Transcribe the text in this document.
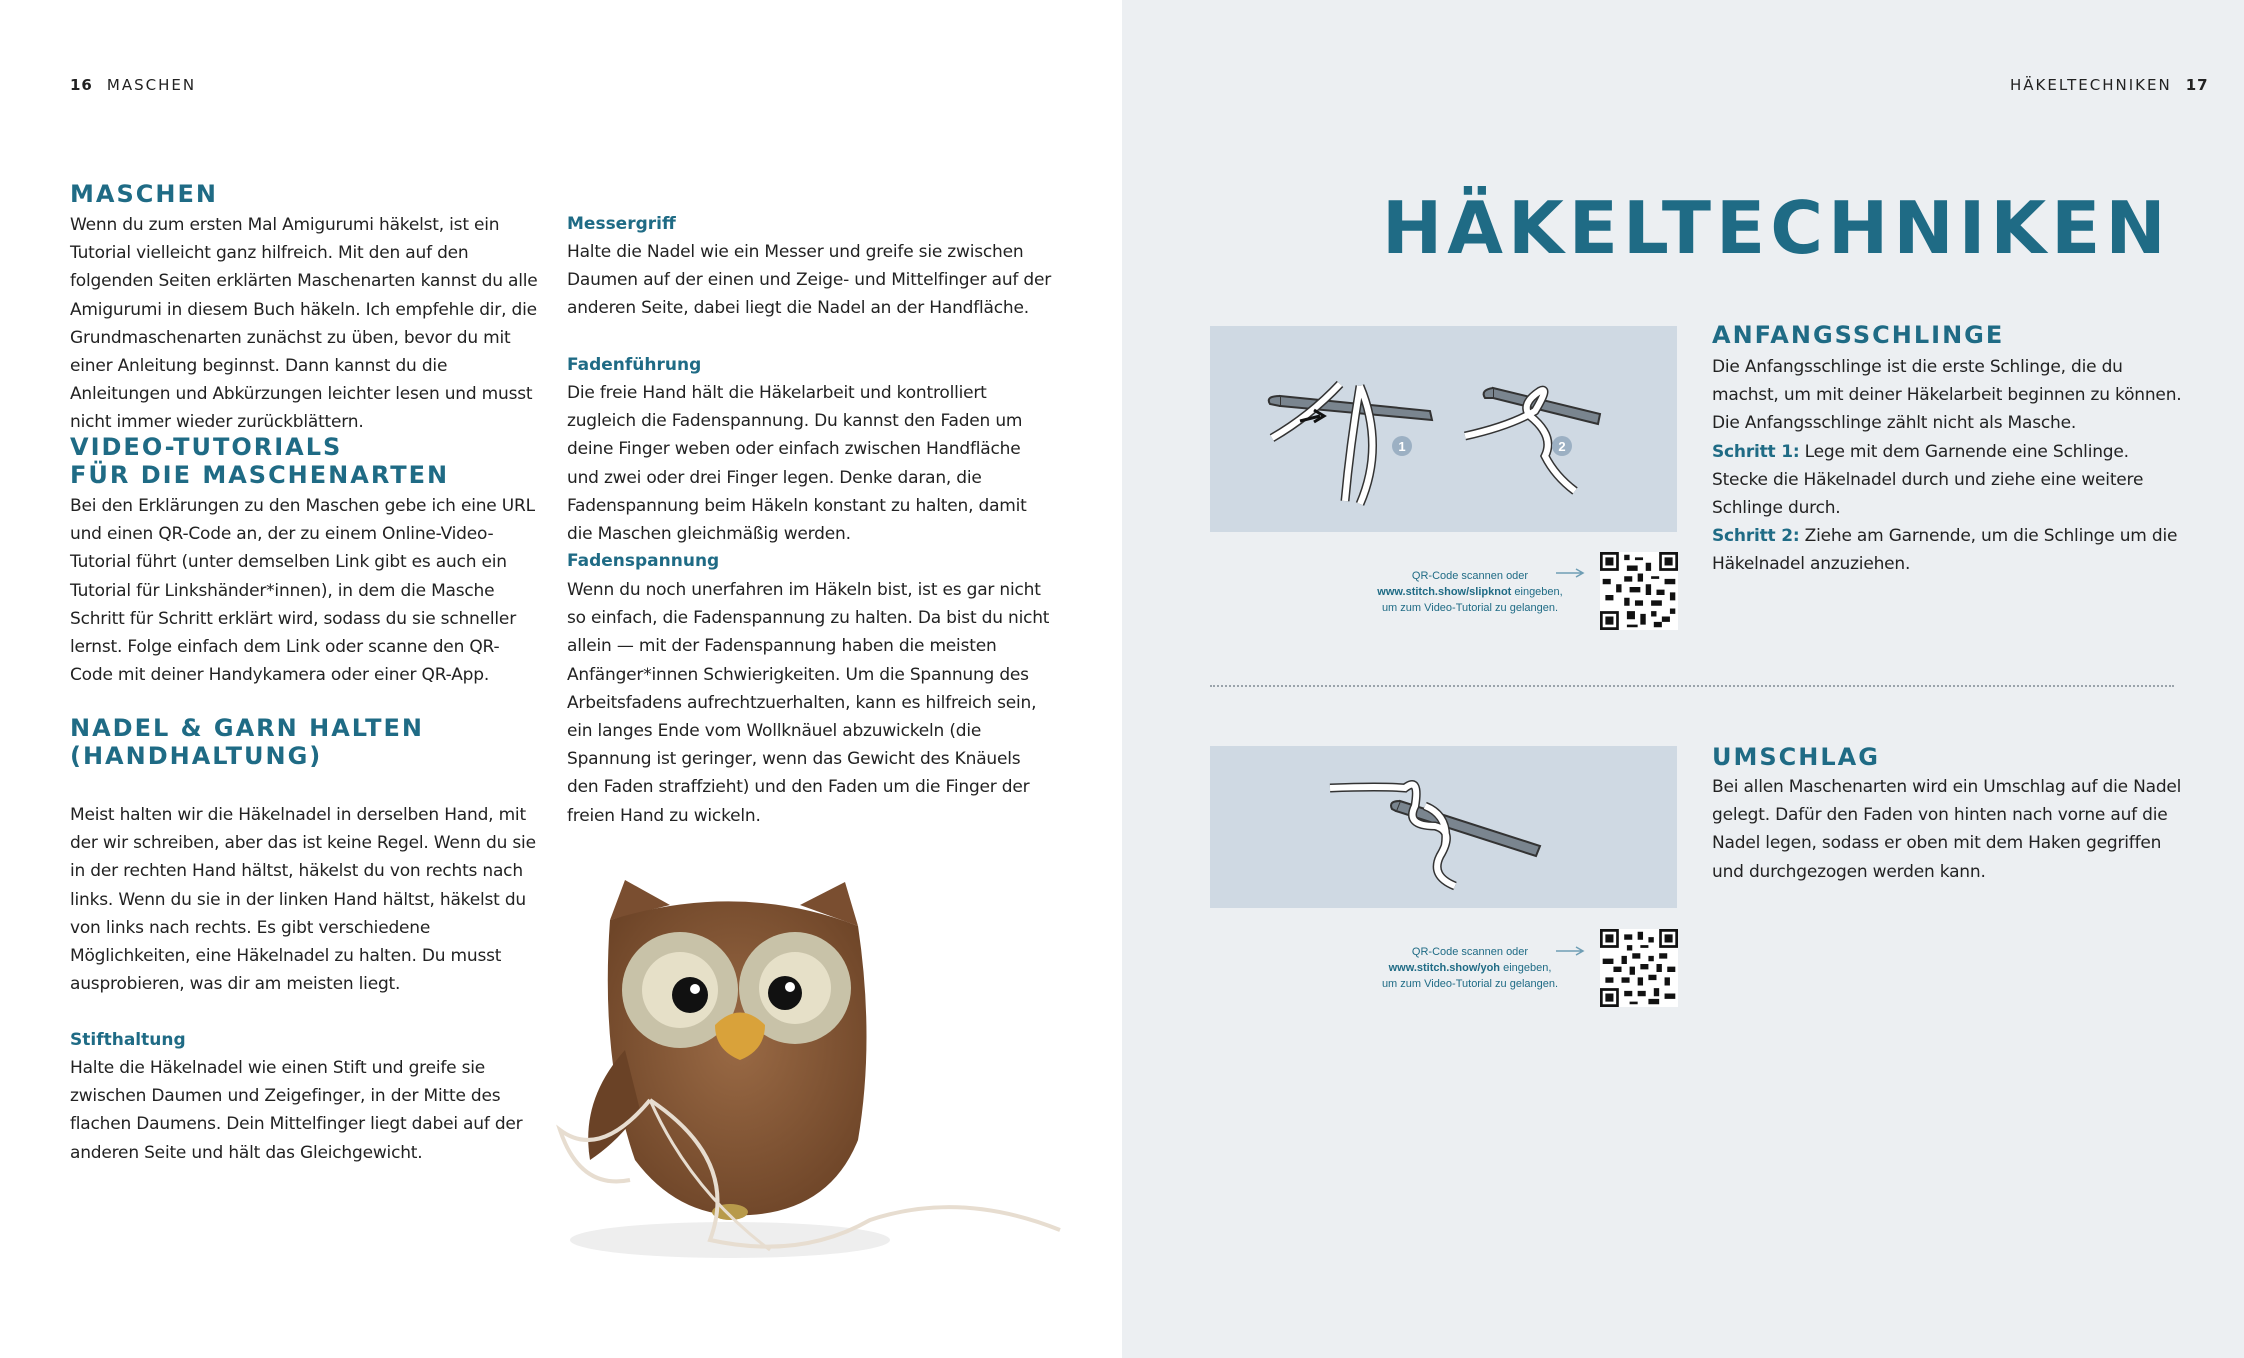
16 MASCHEN
MASCHEN

Wenn du zum ersten Mal Amigurumi häkelst, ist ein Tutorial vielleicht ganz hilfreich. Mit den auf den folgenden Seiten erklärten Maschenarten kannst du alle Amigurumi in diesem Buch häkeln. Ich empfehle dir, die Grundmaschenarten zunächst zu üben, bevor du mit einer Anleitung beginnst. Dann kannst du die Anleitungen und Abkürzungen leichter lesen und musst nicht immer wieder zurückblättern.

VIDEO-TUTORIALS
FÜR DIE MASCHENARTEN

Bei den Erklärungen zu den Maschen gebe ich eine URL und einen QR-Code an, der zu einem Online-Video-Tutorial führt (unter demselben Link gibt es auch ein Tutorial für Linkshänder*innen), in dem die Masche Schritt für Schritt erklärt wird, sodass du sie schneller lernst. Folge einfach dem Link oder scanne den QR-Code mit deiner Handykamera oder einer QR-App.

NADEL & GARN HALTEN
(HANDHALTUNG)

Meist halten wir die Häkelnadel in derselben Hand, mit der wir schreiben, aber das ist keine Regel. Wenn du sie in der rechten Hand hältst, häkelst du von rechts nach links. Wenn du sie in der linken Hand hältst, häkelst du von links nach rechts. Es gibt verschiedene Möglichkeiten, eine Häkelnadel zu halten. Du musst ausprobieren, was dir am meisten liegt.

Stifthaltung

Halte die Häkelnadel wie einen Stift und greife sie zwischen Daumen und Zeigefinger, in der Mitte des flachen Daumens. Dein Mittelfinger liegt dabei auf der anderen Seite und hält das Gleichgewicht.

Messergriff

Halte die Nadel wie ein Messer und greife sie zwischen Daumen auf der einen und Zeige- und Mittelfinger auf der anderen Seite, dabei liegt die Nadel an der Handfläche.

Fadenführung

Die freie Hand hält die Häkelarbeit und kontrolliert zugleich die Fadenspannung. Du kannst den Faden um deine Finger weben oder einfach zwischen Handfläche und zwei oder drei Finger legen. Denke daran, die Fadenspannung beim Häkeln konstant zu halten, damit die Maschen gleichmäßig werden.

Fadenspannung

Wenn du noch unerfahren im Häkeln bist, ist es gar nicht so einfach, die Fadenspannung zu halten. Da bist du nicht allein — mit der Fadenspannung haben die meisten Anfänger*innen Schwierigkeiten. Um die Spannung des Arbeitsfadens aufrechtzuerhalten, kann es hilfreich sein, ein langes Ende vom Wollknäuel abzuwickeln (die Spannung ist geringer, wenn das Gewicht des Knäuels den Faden straffzieht) und den Faden um die Finger der freien Hand zu wickeln.

HÄKELTECHNIKEN 17
HÄKELTECHNIKEN
1	2
QR-Code scannen oder
www.stitch.show/slipknot eingeben,
um zum Video-Tutorial zu gelangen.
ANFANGSSCHLINGE

Die Anfangsschlinge ist die erste Schlinge, die du machst, um mit deiner Häkelarbeit beginnen zu können. Die Anfangsschlinge zählt nicht als Masche.
Schritt 1: Lege mit dem Garnende eine Schlinge. Stecke die Häkelnadel durch und ziehe eine weitere Schlinge durch.
Schritt 2: Ziehe am Garnende, um die Schlinge um die Häkelnadel anzuziehen.

QR-Code scannen oder
www.stitch.show/yoh eingeben,
um zum Video-Tutorial zu gelangen.
UMSCHLAG

Bei allen Maschenarten wird ein Umschlag auf die Nadel gelegt. Dafür den Faden von hinten nach vorne auf die Nadel legen, sodass er oben mit dem Haken gegriffen und durchgezogen werden kann.
